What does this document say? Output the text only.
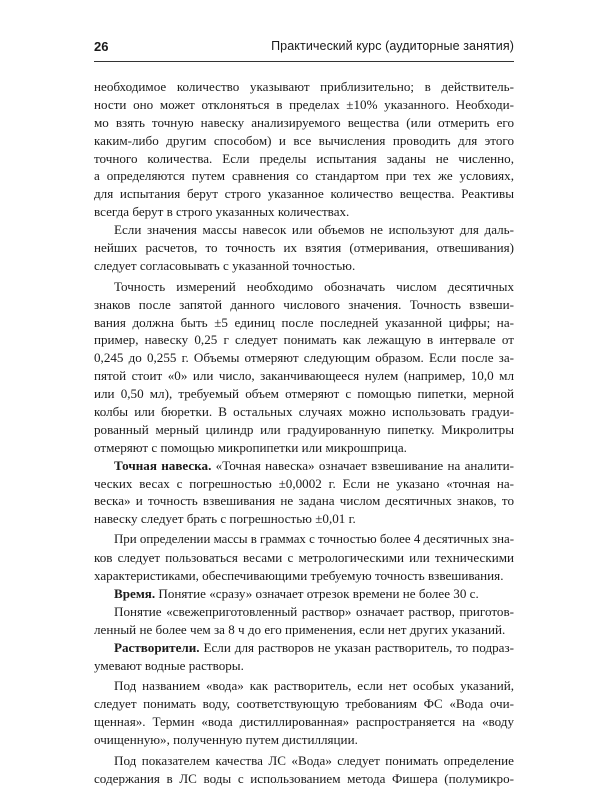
26	Практический курс (аудиторные занятия)
необходимое количество указывают приблизительно; в действитель-
ности оно может отклоняться в пределах ±10% указанного. Необходи-
мо взять точную навеску анализируемого вещества (или отмерить его
каким-либо другим способом) и все вычисления проводить для этого
точного количества. Если пределы испытания заданы не численно,
а определяются путем сравнения со стандартом при тех же условиях,
для испытания берут строго указанное количество вещества. Реактивы
всегда берут в строго указанных количествах.
Если значения массы навесок или объемов не используют для даль-
нейших расчетов, то точность их взятия (отмеривания, отвешивания)
следует согласовывать с указанной точностью.
Точность измерений необходимо обозначать числом десятичных
знаков после запятой данного числового значения. Точность взвеши-
вания должна быть ±5 единиц после последней указанной цифры; на-
пример, навеску 0,25 г следует понимать как лежащую в интервале от
0,245 до 0,255 г. Объемы отмеряют следующим образом. Если после за-
пятой стоит «0» или число, заканчивающееся нулем (например, 10,0 мл
или 0,50 мл), требуемый объем отмеряют с помощью пипетки, мерной
колбы или бюретки. В остальных случаях можно использовать градуи-
рованный мерный цилиндр или градуированную пипетку. Микролитры
отмеряют с помощью микропипетки или микрошприца.
Точная навеска. «Точная навеска» означает взвешивание на аналити-
ческих весах с погрешностью ±0,0002 г. Если не указано «точная на-
веска» и точность взвешивания не задана числом десятичных знаков, то
навеску следует брать с погрешностью ±0,01 г.
При определении массы в граммах с точностью более 4 десятичных зна-
ков следует пользоваться весами с метрологическими или техническими
характеристиками, обеспечивающими требуемую точность взвешивания.
Время. Понятие «сразу» означает отрезок времени не более 30 с.
Понятие «свежеприготовленный раствор» означает раствор, приготов-
ленный не более чем за 8 ч до его применения, если нет других указаний.
Растворители. Если для растворов не указан растворитель, то подраз-
умевают водные растворы.
Под названием «вода» как растворитель, если нет особых указаний,
следует понимать воду, соответствующую требованиям ФС «Вода очи-
щенная». Термин «вода дистиллированная» распространяется на «воду
очищенную», полученную путем дистилляции.
Под показателем качества ЛС «Вода» следует понимать определение
содержания в ЛС воды с использованием метода Фишера (полумикро-
